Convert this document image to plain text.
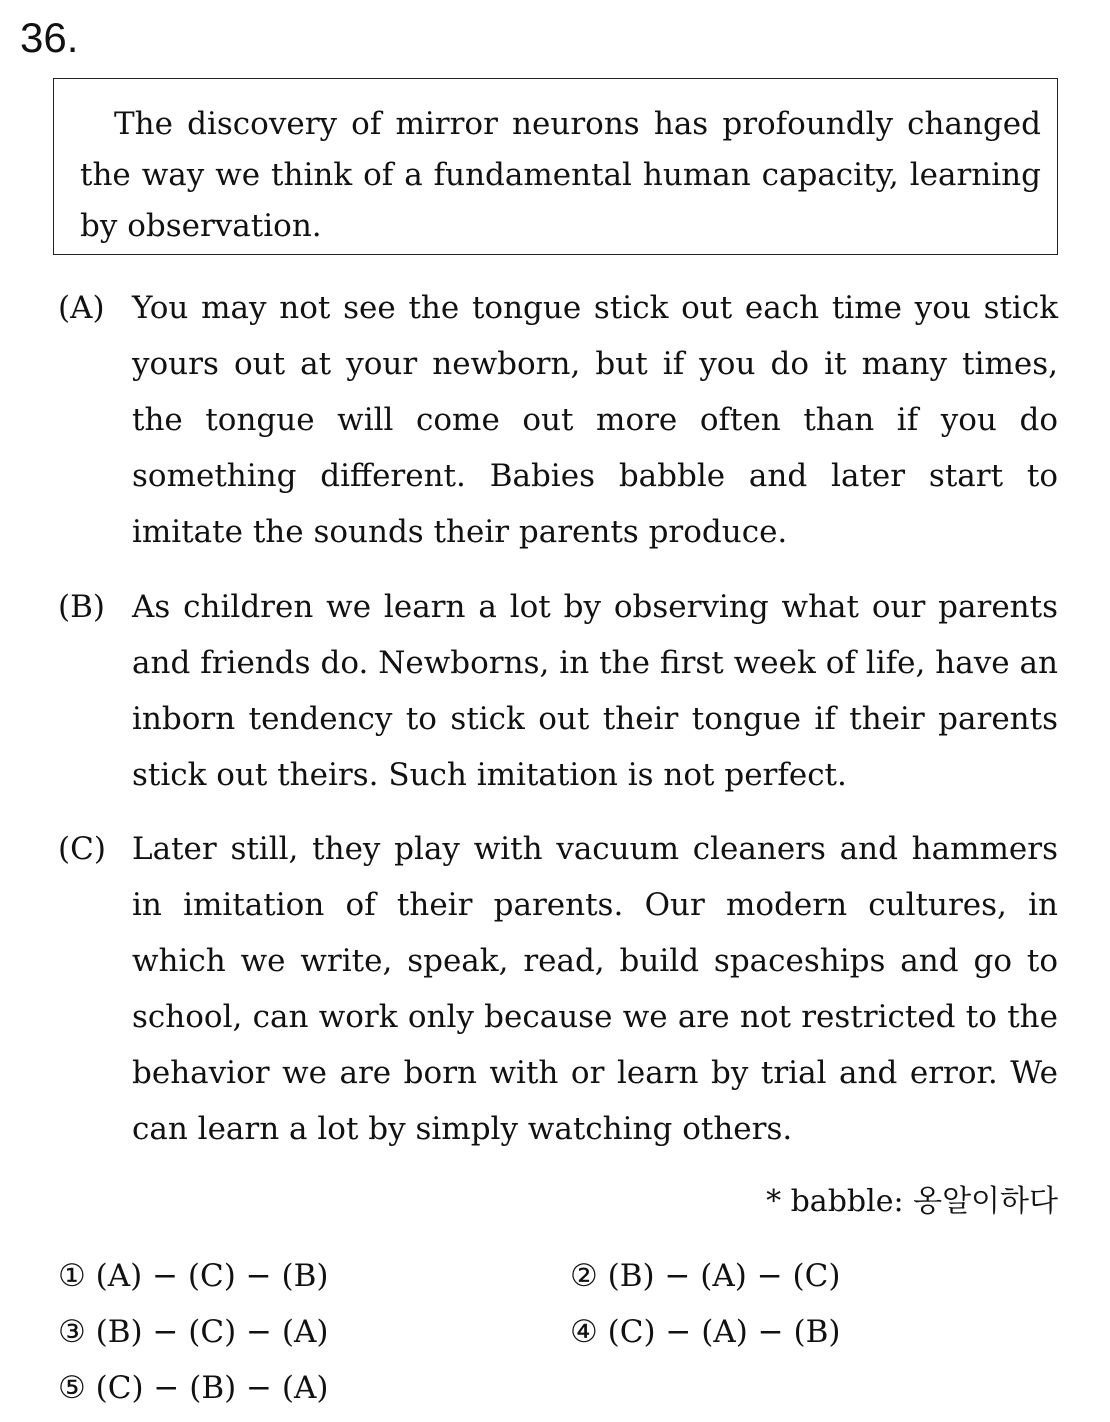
36.

The discovery of mirror neurons has profoundly changed the way we think of a fundamental human capacity, learning by observation.

(A) You may not see the tongue stick out each time you stick yours out at your newborn, but if you do it many times, the tongue will come out more often than if you do something different. Babies babble and later start to imitate the sounds their parents produce.

(B) As children we learn a lot by observing what our parents and friends do. Newborns, in the first week of life, have an inborn tendency to stick out their tongue if their parents stick out theirs. Such imitation is not perfect.

(C) Later still, they play with vacuum cleaners and hammers in imitation of their parents. Our modern cultures, in which we write, speak, read, build spaceships and go to school, can work only because we are not restricted to the behavior we are born with or learn by trial and error. We can learn a lot by simply watching others.

* babble: 옹알이하다
① (A) − (C) − (B)	② (B) − (A) − (C)
③ (B) − (C) − (A)	④ (C) − (A) − (B)
⑤ (C) − (B) − (A)
